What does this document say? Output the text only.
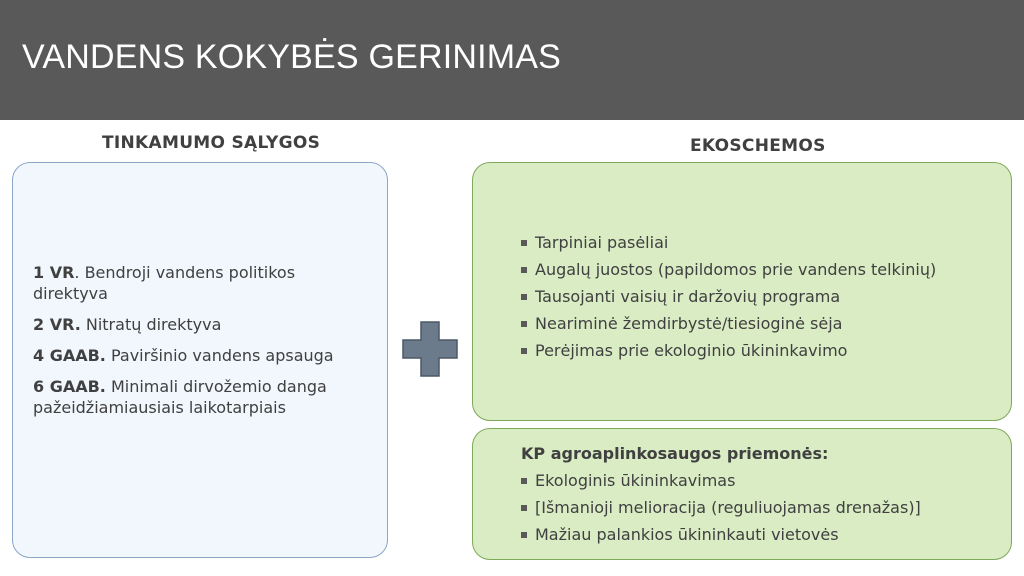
VANDENS KOKYBĖS GERINIMAS
TINKAMUMO SĄLYGOS	EKOSCHEMOS
1 VR. Bendroji vandens politikos direktyva
2 VR. Nitratų direktyva
4 GAAB. Paviršinio vandens apsauga
6 GAAB. Minimali dirvožemio danga pažeidžiamiausiais laikotarpiais
Tarpiniai pasėliai
Augalų juostos (papildomos prie vandens telkinių)
Tausojanti vaisių ir daržovių programa
Neariminė žemdirbystė/tiesioginė sėja
Perėjimas prie ekologinio ūkininkavimo
KP agroaplinkosaugos priemonės:
Ekologinis ūkininkavimas
[Išmanioji melioracija (reguliuojamas drenažas)]
Mažiau palankios ūkininkauti vietovės
